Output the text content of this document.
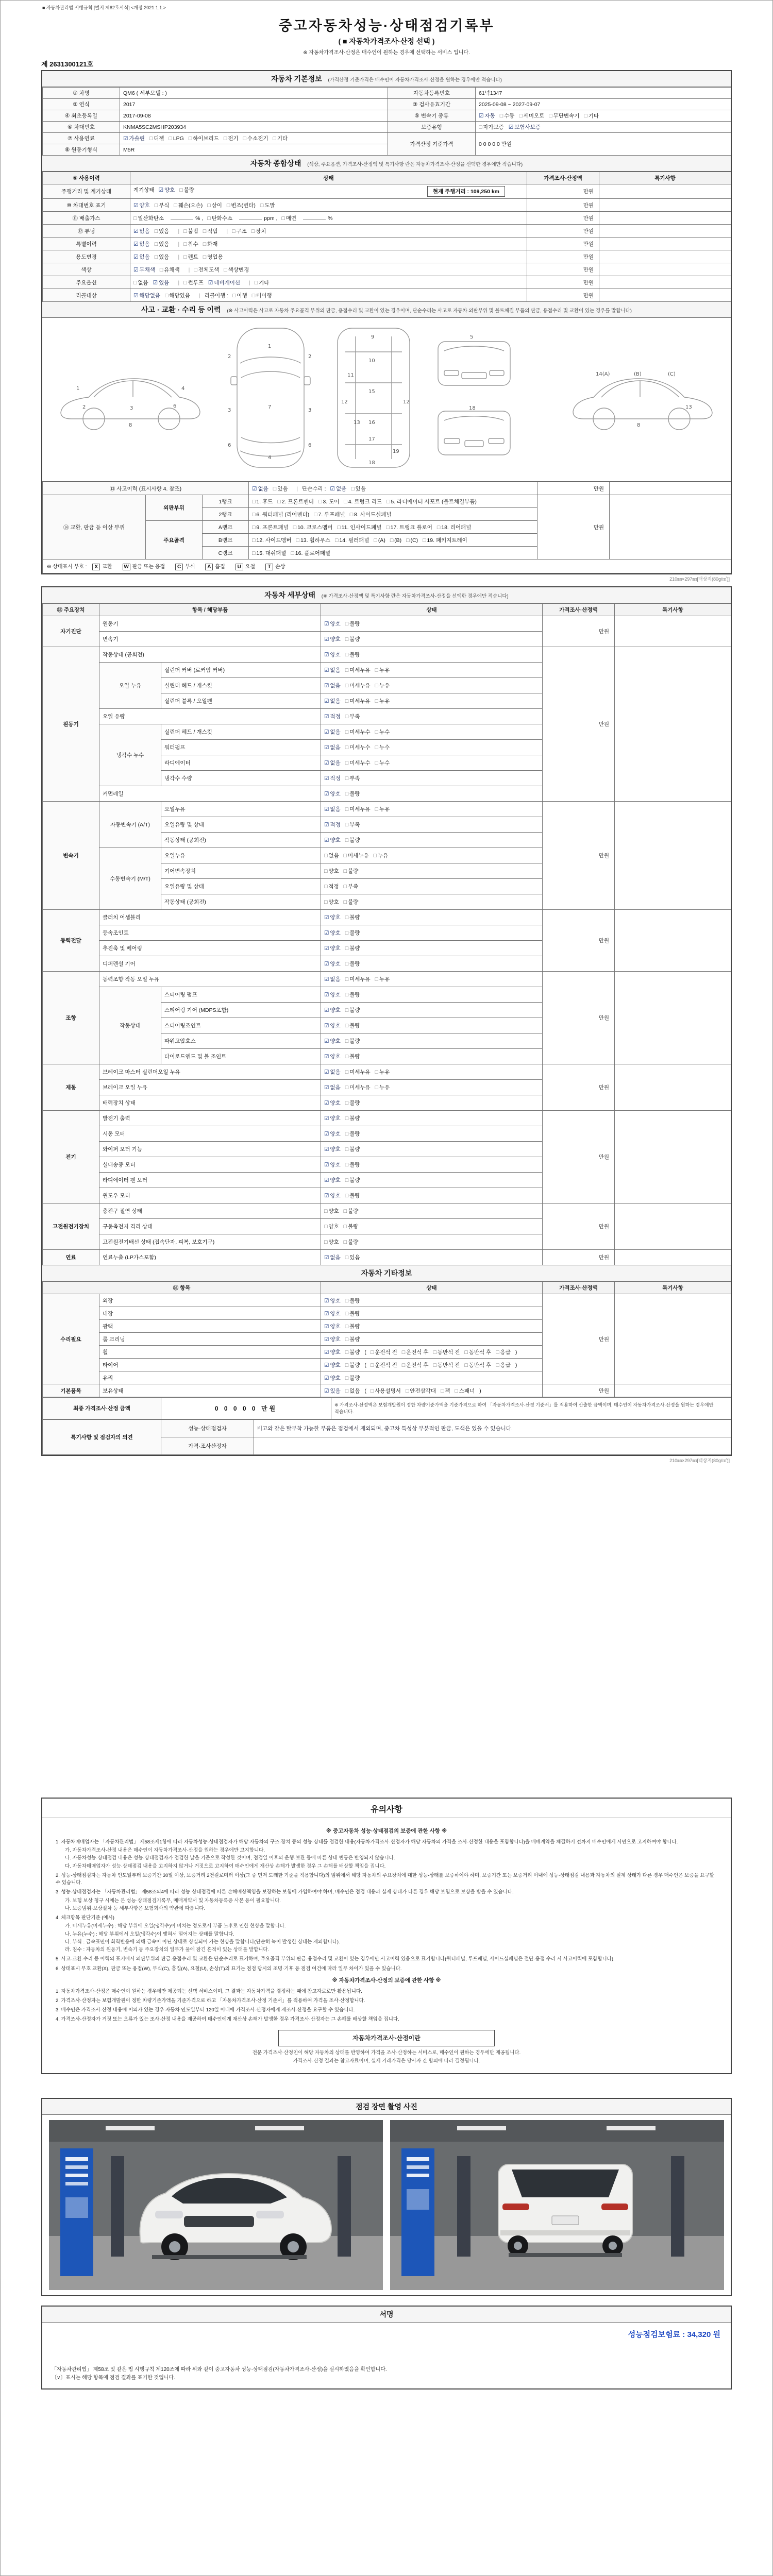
■ 자동차관리법 시행규칙 [별지 제82호서식] <개정 2021.1.1.>
중고자동차성능·상태점검기록부
( ■ 자동차가격조사·산정 선택 )
※ 자동차가격조사·산정은 매수인이 원하는 경우에 선택하는 서비스 입니다.
제 2631300121호
자동차 기본정보 (가격산정 기준가격은 매수인이 자동차가격조사·산정을 원하는 경우에만 적습니다)
① 차명	QM6 ( 세부모델 : )	자동차등록번호	61넉1347
② 연식	2017	③ 검사유효기간	2025-09-08 ~ 2027-09-07
④ 최초등록일	2017-09-08	⑤ 변속기 종류	☑ 자동 □ 수동 □ 세미오토 □ 무단변속기 □ 기타
⑥ 차대번호	KNMA5SC2MSHP203934	보증유형	□ 자가보증 ☑ 보험사보증
⑦ 사용연료	☑ 가솔린 □ 디젤 □ LPG □ 하이브리드 □ 전기 □ 수소전기 □ 기타	가격산정 기준가격	0 0 0 0 0 만원
⑧ 원동기형식	M5R		
자동차 종합상태 (색상, 주요옵션, 가격조사·산정액 및 특기사항 란은 자동차가격조사·산정을 선택한 경우에만 적습니다)
⑨ 사용이력	상태	가격조사·산정액	특기사항
주행거리 및 계기상태	계기상태 ☑ 양호 □ 불량 현재 주행거리 : 109,250 km	만원	
⑩ 차대번호 표기	☑ 양호 □ 부식 □ 훼손(오손) □ 상이 □ 변조(변타) □ 도말	만원	
⑪ 배출가스	□ 일산화탄소 % , □ 탄화수소 ppm , □ 매연 %	만원	
⑫ 튜닝	☑ 없음 □ 있음 | □ 불법 □ 적법 | □ 구조 □ 장치	만원	
특별이력	☑ 없음 □ 있음 | □ 침수 □ 화재	만원	
용도변경	☑ 없음 □ 있음 | □ 렌트 □ 영업용	만원	
색상	☑ 무채색 □ 유채색 | □ 전체도색 □ 색상변경	만원	
주요옵션	□ 없음 ☑ 있음 | □ 썬루프 ☑ 네비게이션 | □ 기타	만원	
리콜대상	☑ 해당없음 □ 해당있음 | 리콜이행 : □ 이행 □ 미이행	만원	
사고 · 교환 · 수리 등 이력 (※ 사고이력은 사고로 자동차 주요골격 부위의 판금, 용접수리 및 교환이 있는 경우이며, 단순수리는 사고로 자동차 외판부위 및 볼트체결 부품의 판금, 용접수리 및 교환이 있는 경우를 말합니다)
1
2	3
4
8
6
1
7
4
2	2
3	3
6	6
9
10
11
15
12	12
16
17
18
19
13
5
18
14(A)	(B)	(C)
8
13
⑬ 사고이력 (표시사항 4. 참조)			☑ 없음 □ 있음 | 단순수리 : ☑ 없음 □ 있음	만원	
⑭ 교환, 판금 등 이상 부위	외판부위	1랭크	□ 1. 후드 □ 2. 프론트펜더 □ 3. 도어 □ 4. 트렁크 리드 □ 5. 라디에이터 서포트 (볼트체결부품)	만원	
		2랭크	□ 6. 쿼터패널 (리어펜더) □ 7. 루프패널 □ 8. 사이드실패널		
	주요골격	A랭크	□ 9. 프론트패널 □ 10. 크로스멤버 □ 11. 인사이드패널 □ 17. 트렁크 플로어 □ 18. 리어패널		
		B랭크	□ 12. 사이드멤버 □ 13. 휠하우스 □ 14. 필러패널 □ (A) □ (B) □ (C) □ 19. 패키지트레이		
		C랭크	□ 15. 대쉬패널 □ 16. 플로어패널		
※ 상태표시 부호 : X 교환 W 판금 또는 용접 C 부식 A 흠집 U 요철 T 손상					
210㎜×297㎜[백상지(80g/㎡)]
자동차 세부상태 (※ 가격조사·산정액 및 특기사항 란은 자동차가격조사·산정을 선택한 경우에만 적습니다)
⑮ 주요장치	항목 / 해당부품		상태	가격조사·산정액	특기사항
자기진단	원동기		☑ 양호 □ 불량	만원	
	변속기		☑ 양호 □ 불량		
원동기	작동상태 (공회전)		☑ 양호 □ 불량	만원	
	오일 누유	실린더 커버 (로커암 커버)	☑ 없음 □ 미세누유 □ 누유		
		실린더 헤드 / 개스킷	☑ 없음 □ 미세누유 □ 누유		
		실린더 블록 / 오일팬	☑ 없음 □ 미세누유 □ 누유		
	오일 유량		☑ 적정 □ 부족		
	냉각수 누수	실린더 헤드 / 개스킷	☑ 없음 □ 미세누수 □ 누수		
		워터펌프	☑ 없음 □ 미세누수 □ 누수		
		라디에이터	☑ 없음 □ 미세누수 □ 누수		
		냉각수 수량	☑ 적정 □ 부족		
	커먼레일		☑ 양호 □ 불량		
변속기	자동변속기 (A/T)	오일누유	☑ 없음 □ 미세누유 □ 누유	만원	
		오일유량 및 상태	☑ 적정 □ 부족		
		작동상태 (공회전)	☑ 양호 □ 불량		
	수동변속기 (M/T)	오일누유	□ 없음 □ 미세누유 □ 누유		
		기어변속장치	□ 양호 □ 불량		
		오일유량 및 상태	□ 적정 □ 부족		
		작동상태 (공회전)	□ 양호 □ 불량		
동력전달	클러치 어셈블리		☑ 양호 □ 불량	만원	
	등속조인트		☑ 양호 □ 불량		
	추진축 및 베어링		☑ 양호 □ 불량		
	디퍼렌셜 기어		☑ 양호 □ 불량		
조향	동력조향 작동 오일 누유		☑ 없음 □ 미세누유 □ 누유	만원	
	작동상태	스티어링 펌프	☑ 양호 □ 불량		
		스티어링 기어 (MDPS포함)	☑ 양호 □ 불량		
		스티어링조인트	☑ 양호 □ 불량		
		파워고압호스	☑ 양호 □ 불량		
		타이로드엔드 및 볼 조인트	☑ 양호 □ 불량		
제동	브레이크 마스터 실린더오일 누유		☑ 없음 □ 미세누유 □ 누유	만원	
	브레이크 오일 누유		☑ 없음 □ 미세누유 □ 누유		
	배력장치 상태		☑ 양호 □ 불량		
전기	발전기 출력		☑ 양호 □ 불량	만원	
	시동 모터		☑ 양호 □ 불량		
	와이퍼 모터 기능		☑ 양호 □ 불량		
	실내송풍 모터		☑ 양호 □ 불량		
	라디에이터 팬 모터		☑ 양호 □ 불량		
	윈도우 모터		☑ 양호 □ 불량		
고전원전기장치	충전구 절연 상태		□ 양호 □ 불량	만원	
	구동축전지 격리 상태		□ 양호 □ 불량		
	고전원전기배선 상태 (접속단자, 피복, 보호기구)		□ 양호 □ 불량		
연료	연료누출 (LP가스포함)		☑ 없음 □ 있음	만원	
자동차 기타정보
⑯ 항목		상태	가격조사·산정액	특기사항
수리필요	외장	☑ 양호 □ 불량	만원	
	내장	☑ 양호 □ 불량		
	광택	☑ 양호 □ 불량		
	룸 크리닝	☑ 양호 □ 불량		
	휠	☑ 양호 □ 불량 ( □ 운전석 전 □ 운전석 후 □ 동반석 전 □ 동반석 후 □ 응급 )		
	타이어	☑ 양호 □ 불량 ( □ 운전석 전 □ 운전석 후 □ 동반석 전 □ 동반석 후 □ 응급 )		
	유리	☑ 양호 □ 불량		
기본품목	보유상태	☑ 있음 □ 없음 ( □ 사용설명서 □ 안전삼각대 □ 잭 □ 스패너 )	만원	
최종 가격조사·산정 금액	0 0 0 0 0 만원	※ 가격조사·산정액은 보험개발원이 정한 차량기준가액을 기준가격으로 하여 「자동차가격조사·산정 기준서」를 적용하여 산출한 금액이며, 매수인이 자동차가격조사·산정을 원하는 경우에만 적습니다.
특기사항 및 점검자의 의견	성능·상태점검자	비고와 같은 탈부착 가능한 부품은 점검에서 제외되며, 중고차 특성상 부분적인 판금, 도색은 있을 수 있습니다.
	가격·조사산정자	
210㎜×297㎜[백상지(80g/㎡)]
유의사항
※ 중고자동차 성능·상태점검의 보증에 관한 사항 ※
1. 자동차매매업자는 「자동차관리법」 제58조제1항에 따라 자동차성능·상태점검자가 해당 자동차의 구조·장치 등의 성능·상태를 점검한 내용(자동차가격조사·산정자가 해당 자동차의 가격을 조사·산정한 내용을 포함합니다)을 매매계약을 체결하기 전까지 매수인에게 서면으로 고지하여야 합니다.
가. 자동차가격조사·산정 내용은 매수인이 자동차가격조사·산정을 원하는 경우에만 고지합니다.
나. 자동차성능·상태점검 내용은 성능·상태점검자가 점검한 날을 기준으로 작성한 것이며, 점검일 이후의 운행·보관 등에 따른 상태 변동은 반영되지 않습니다.
다. 자동차매매업자가 성능·상태점검 내용을 고지하지 않거나 거짓으로 고지하여 매수인에게 재산상 손해가 발생한 경우 그 손해를 배상할 책임을 집니다.
2. 성능·상태점검자는 자동차 인도일부터 보증기간 30일 이상, 보증거리 2천킬로미터 이상(그 중 먼저 도래한 기준을 적용합니다)의 범위에서 해당 자동차의 주요장치에 대한 성능·상태를 보증하여야 하며, 보증기간 또는 보증거리 이내에 성능·상태점검 내용과 자동차의 실제 상태가 다른 경우 매수인은 보증을 요구할 수 있습니다.
3. 성능·상태점검자는 「자동차관리법」 제58조의4에 따라 성능·상태점검에 따른 손해배상책임을 보장하는 보험에 가입하여야 하며, 매수인은 점검 내용과 실제 상태가 다른 경우 해당 보험으로 보상을 받을 수 있습니다.
가. 보험 보상 청구 시에는 본 성능·상태점검기록부, 매매계약서 및 자동차등록증 사본 등이 필요합니다.
나. 보증범위·보상절차 등 세부사항은 보험회사의 약관에 따릅니다.
4. 체크항목 판단기준 (예시)
가. 미세누유(미세누수) : 해당 부위에 오일(냉각수)이 비치는 정도로서 부품 노후로 인한 현상을 말합니다.
나. 누유(누수) : 해당 부위에서 오일(냉각수)이 맺혀서 떨어지는 상태를 말합니다.
다. 부식 : 금속표면이 화학반응에 의해 금속이 아닌 상태로 상실되어 가는 현상을 말합니다(단순히 녹이 발생한 상태는 제외합니다).
라. 침수 : 자동차의 원동기, 변속기 등 주요장치의 일부가 물에 잠긴 흔적이 있는 상태를 말합니다.
5. 사고·교환·수리 등 이력의 표기에서 외판부위의 판금·용접수리 및 교환은 단순수리로 표기하며, 주요골격 부위의 판금·용접수리 및 교환이 있는 경우에만 사고이력 있음으로 표기합니다(쿼터패널, 루프패널, 사이드실패널은 절단·용접 수리 시 사고이력에 포함합니다).
6. 상태표시 부호 교환(X), 판금 또는 용접(W), 부식(C), 흠집(A), 요철(U), 손상(T)의 표기는 점검 당시의 조명·기후 등 점검 여건에 따라 일부 차이가 있을 수 있습니다.
※ 자동차가격조사·산정의 보증에 관한 사항 ※
1. 자동차가격조사·산정은 매수인이 원하는 경우에만 제공되는 선택 서비스이며, 그 결과는 자동차가격을 결정하는 때에 참고자료로만 활용됩니다.
2. 가격조사·산정자는 보험개발원이 정한 차량기준가액을 기준가격으로 하고 「자동차가격조사·산정 기준서」를 적용하여 가격을 조사·산정합니다.
3. 매수인은 가격조사·산정 내용에 이의가 있는 경우 자동차 인도일부터 120일 이내에 가격조사·산정자에게 재조사·산정을 요구할 수 있습니다.
4. 가격조사·산정자가 거짓 또는 오류가 있는 조사·산정 내용을 제공하여 매수인에게 재산상 손해가 발생한 경우 가격조사·산정자는 그 손해를 배상할 책임을 집니다.
자동차가격조사·산정이란
전문 가격조사·산정인이 해당 자동차의 상태를 반영하여 가격을 조사·산정하는 서비스로, 매수인이 원하는 경우에만 제공됩니다.
가격조사·산정 결과는 참고자료이며, 실제 거래가격은 당사자 간 합의에 따라 결정됩니다.
점검 장면 촬영 사진
서명
성능점검보험료 : 34,320 원
「자동차관리법」 제58조 및 같은 법 시행규칙 제120조에 따라 위와 같이 중고자동차 성능·상태점검(자동차가격조사·산정)을 실시하였음을 확인합니다.
〔∨〕표시는 해당 항목에 점검 결과를 표기한 것입니다.
